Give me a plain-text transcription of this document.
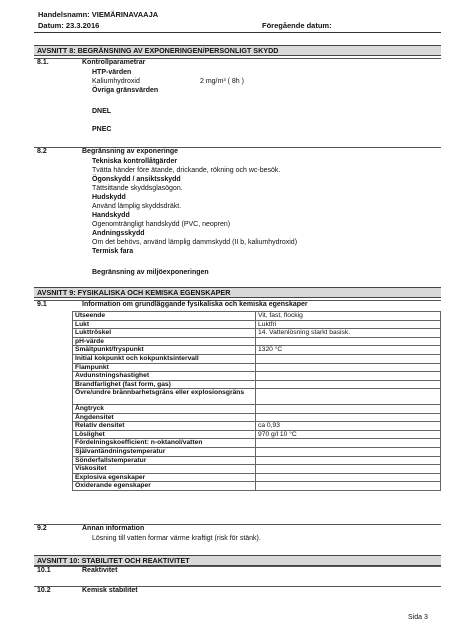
Handelsnamn: VIEMÄRINAVAAJA
Datum: 23.3.2016	Föregående datum:
AVSNITT 8: BEGRÄNSNING AV EXPONERINGEN/PERSONLIGT SKYDD
8.1.	Kontrollparametrar
HTP-värden
Kaliumhydroxid	2 mg/m³ ( 8h )
Övriga gränsvärden
DNEL
PNEC
8.2	Begränsning av exponeringe
Tekniska kontrollåtgärder
Tvätta händer före ätande, drickande, rökning och wc-besök.
Ögonskydd / ansiktsskydd
Tättsittande skyddsglasögon.
Hudskydd
Använd lämplig skyddsdräkt.
Handskydd
Ogenomträngligt handskydd (PVC, neopren)
Andningsskydd
Om det behövs, använd lämplig dammskydd (II b, kaliumhydroxid)
Termisk fara
Begränsning av miljöexponeringen
AVSNITT 9: FYSIKALISKA OCH KEMISKA EGENSKAPER
9.1	Information om grundläggande fysikaliska och kemiska egenskaper
Utseende	Vit, fast, flockig
Lukt	Luktfri
Lukttröskel	14. Vattenlösning starkt basisk.
pH-värde	
Smältpunkt/fryspunkt	1320 °C
Initial kokpunkt och kokpunktsintervall	
Flampunkt	
Avdunstningshastighet	
Brandfarlighet (fast form, gas)	
Övre/undre brännbarhetsgräns eller explosionsgräns	
Ångtryck	
Ångdensitet	
Relativ densitet	ca 0,93
Löslighet	970 g/l 10 °C
Fördelningskoefficient: n-oktanol/vatten	
Självantändningstemperatur	
Sönderfallstemperatur	
Viskositet	
Explosiva egenskaper	
Oxiderande egenskaper	
9.2	Annan information
Lösning till vatten formar värme kraftigt (risk för stänk).
AVSNITT 10: STABILITET OCH REAKTIVITET
10.1	Reaktivitet
10.2	Kemisk stabilitet
Sida 3
